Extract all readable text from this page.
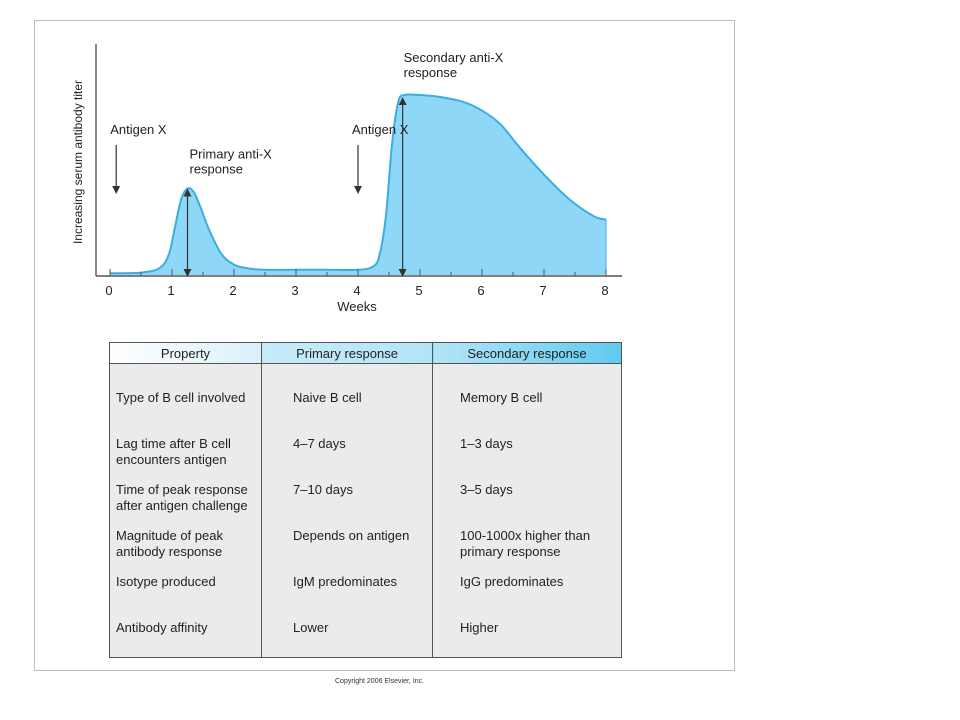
0	1	2	3	4	5	6	7	8
Weeks
Increasing serum antibody titer Antigen X
Primary anti-X
response
Antigen X
Secondary anti-X
response
Property	Primary response	Secondary response
Type of B cell involved	Naive B cell	Memory B cell
Lag time after B cell
encounters antigen	4–7 days	1–3 days
Time of peak response
after antigen challenge	7–10 days	3–5 days
Magnitude of peak
antibody response	Depends on antigen	100-1000x higher than
primary response
Isotype produced	IgM predominates	IgG predominates
Antibody affinity	Lower	Higher
Copyright 2006 Elsevier, Inc.
